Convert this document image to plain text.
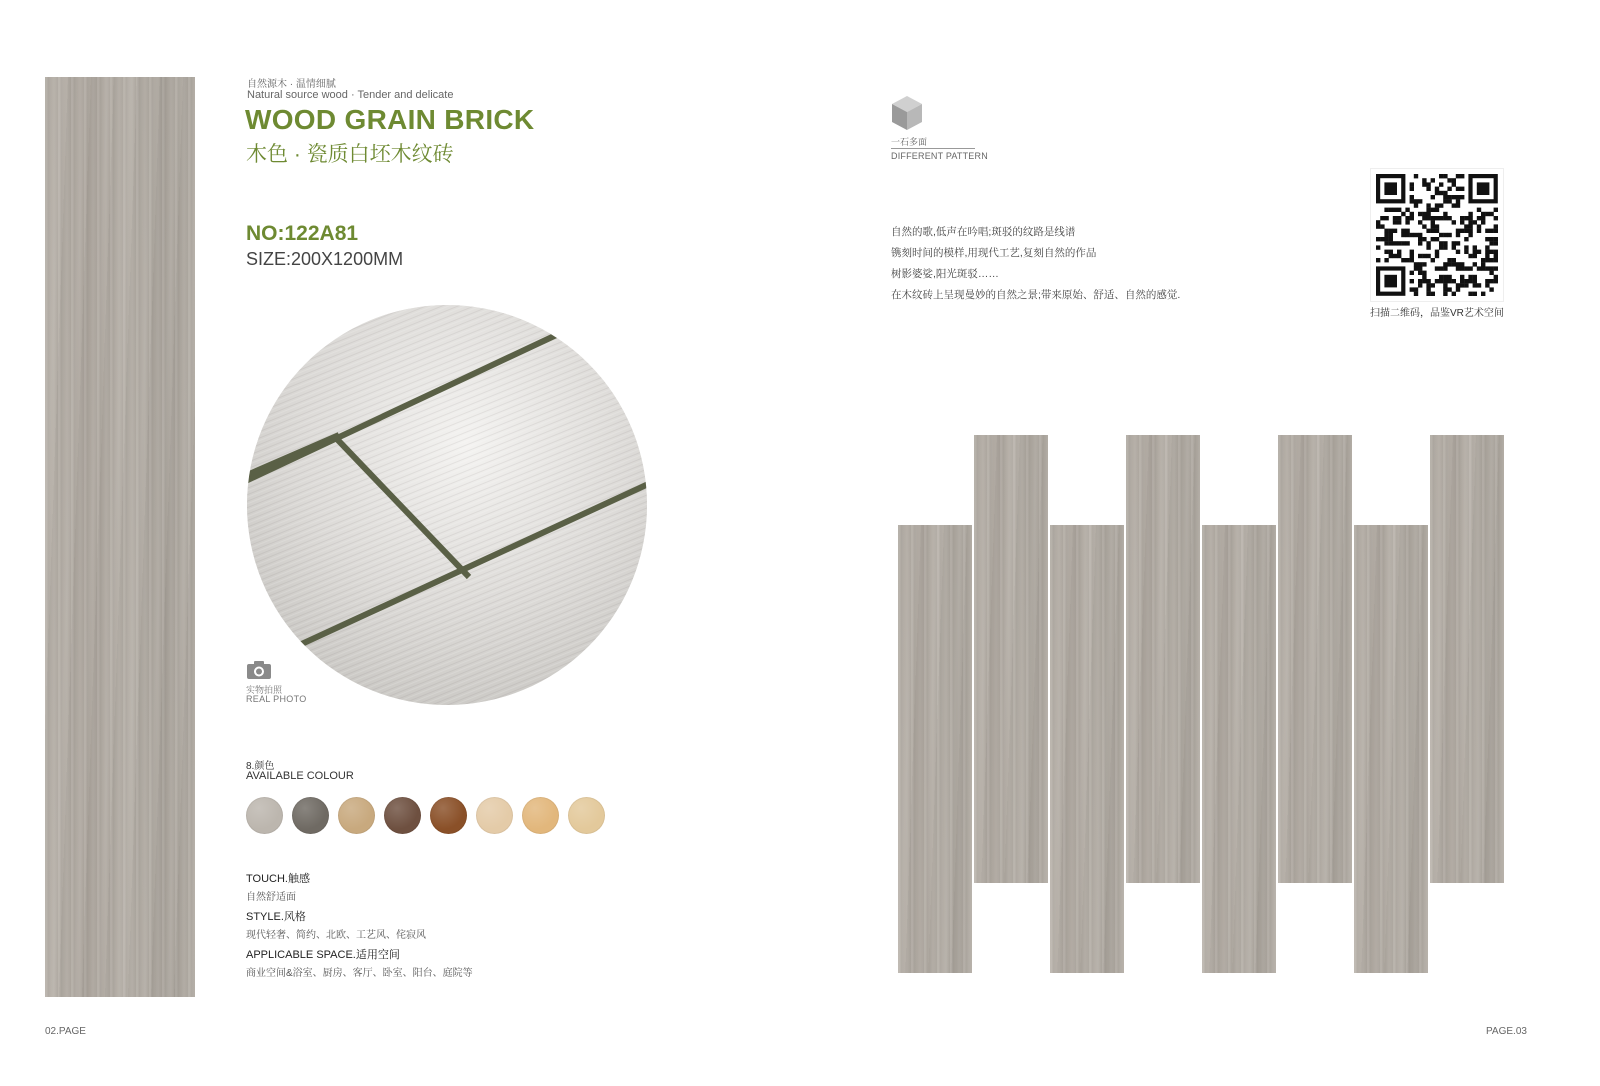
自然源木 · 温情细腻
Natural source wood · Tender and delicate
WOOD GRAIN BRICK
木色 · 瓷质白坯木纹砖
NO:122A81
SIZE:200X1200MM
实物拍照
REAL PHOTO
8.颜色
AVAILABLE COLOUR
TOUCH.触感
自然舒适面
STYLE.风格
现代轻奢、简约、北欧、工艺风、侘寂风
APPLICABLE SPACE.适用空间
商业空间&浴室、厨房、客厅、卧室、阳台、庭院等
02.PAGE
一石多面
DIFFERENT PATTERN
自然的歌,低声在吟唱;斑驳的纹路是线谱
镌刻时间的模样,用现代工艺,复刻自然的作品
树影婆娑,阳光斑驳……
在木纹砖上呈现曼妙的自然之景;带来原始、舒适、自然的感觉.
扫描二维码，品鉴VR艺术空间
PAGE.03
